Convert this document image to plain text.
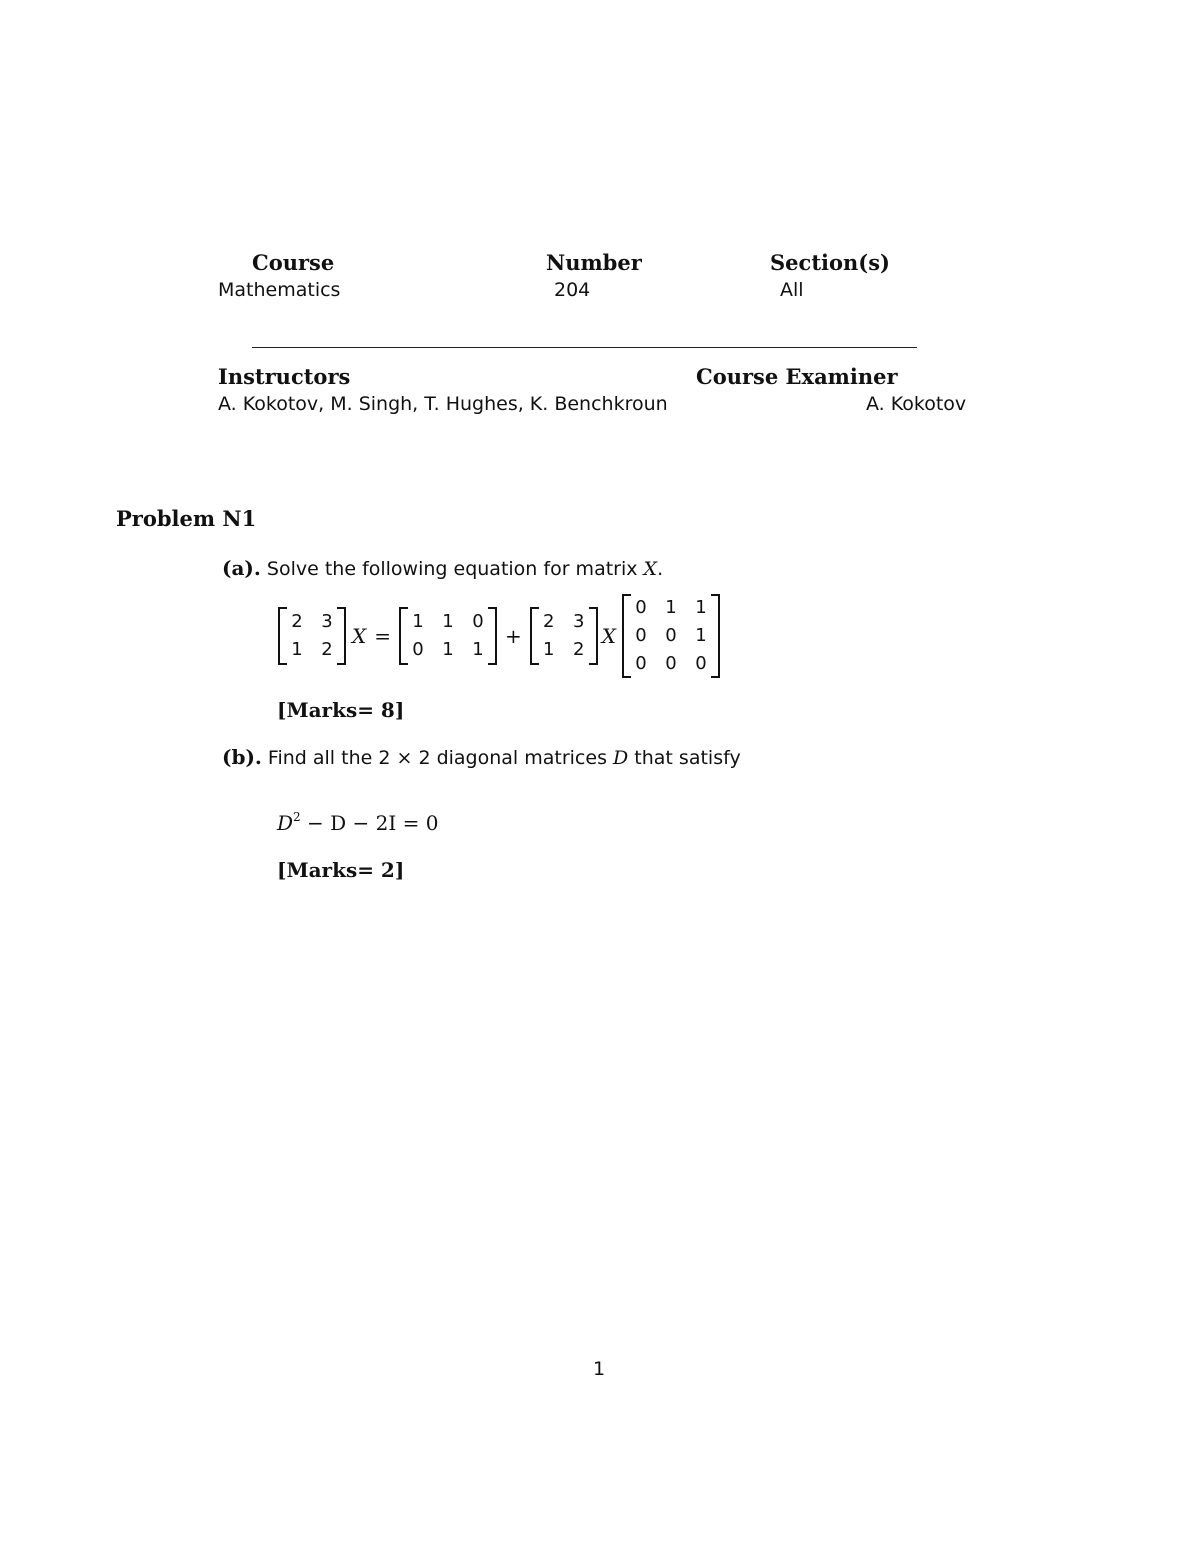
Course	Number	Section(s)
Mathematics	204	All
Instructors	Course Examiner
A. Kokotov, M. Singh, T. Hughes, K. Benchkroun	A. Kokotov
Problem N1
(a). Solve the following equation for matrix X.
2 3
1 2
X =
1 1 0
0 1 1
+
2 3
1 2
X
0 1 1
0 0 1
0 0 0
[Marks= 8]
(b). Find all the 2 × 2 diagonal matrices D that satisfy
$D^2 - D - 2I = 0$
[Marks= 2]
1
